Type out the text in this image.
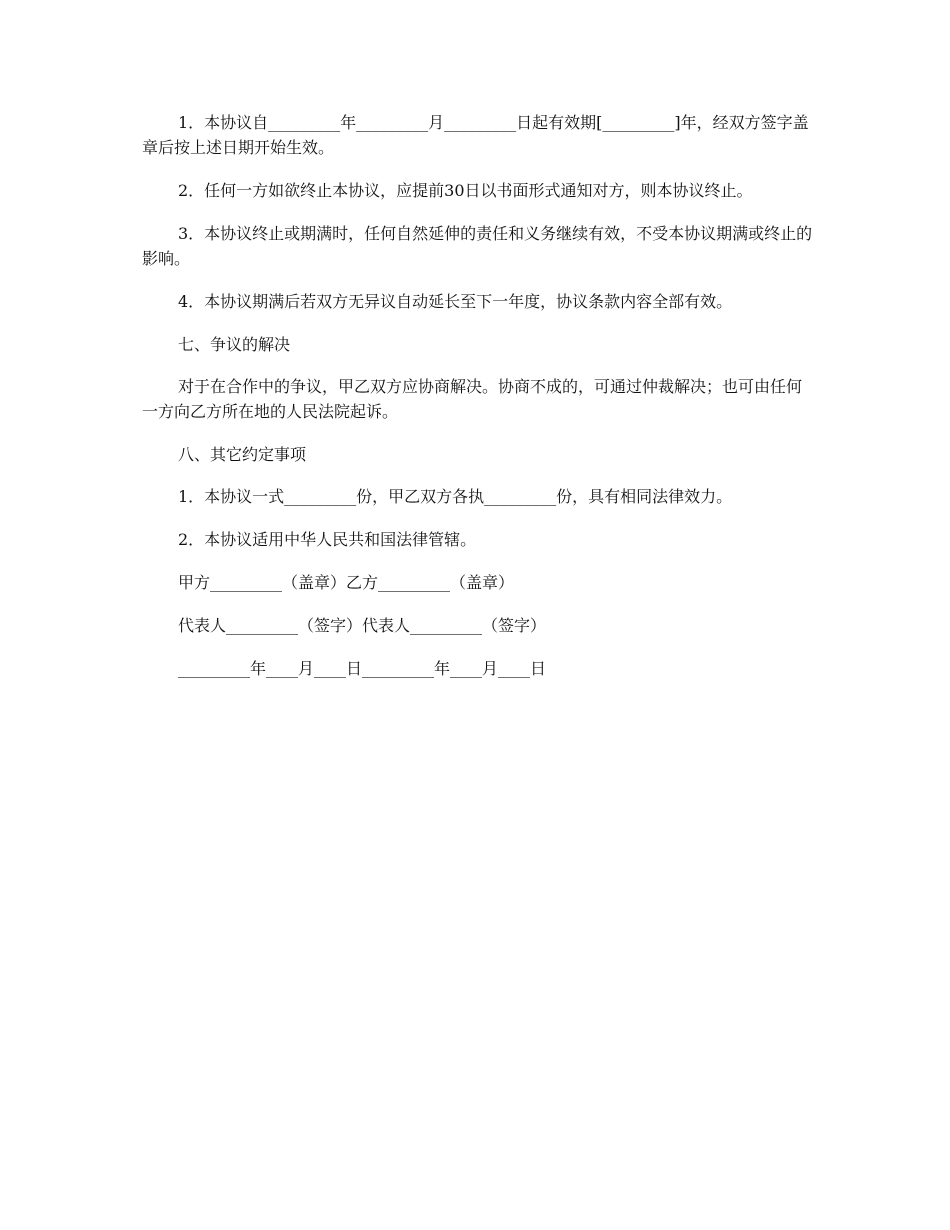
1．本协议自_________年_________月_________日起有效期[_________]年，经双方签字盖章后按上述日期开始生效。

2．任何一方如欲终止本协议，应提前30日以书面形式通知对方，则本协议终止。

3．本协议终止或期满时，任何自然延伸的责任和义务继续有效，不受本协议期满或终止的影响。

4．本协议期满后若双方无异议自动延长至下一年度，协议条款内容全部有效。

七、争议的解决

对于在合作中的争议，甲乙双方应协商解决。协商不成的，可通过仲裁解决；也可由任何一方向乙方所在地的人民法院起诉。

八、其它约定事项

1．本协议一式_________份，甲乙双方各执_________份，具有相同法律效力。

2．本协议适用中华人民共和国法律管辖。

甲方_________（盖章）乙方_________（盖章）

代表人_________（签字）代表人_________（签字）

_________年____月____日_________年____月____日
